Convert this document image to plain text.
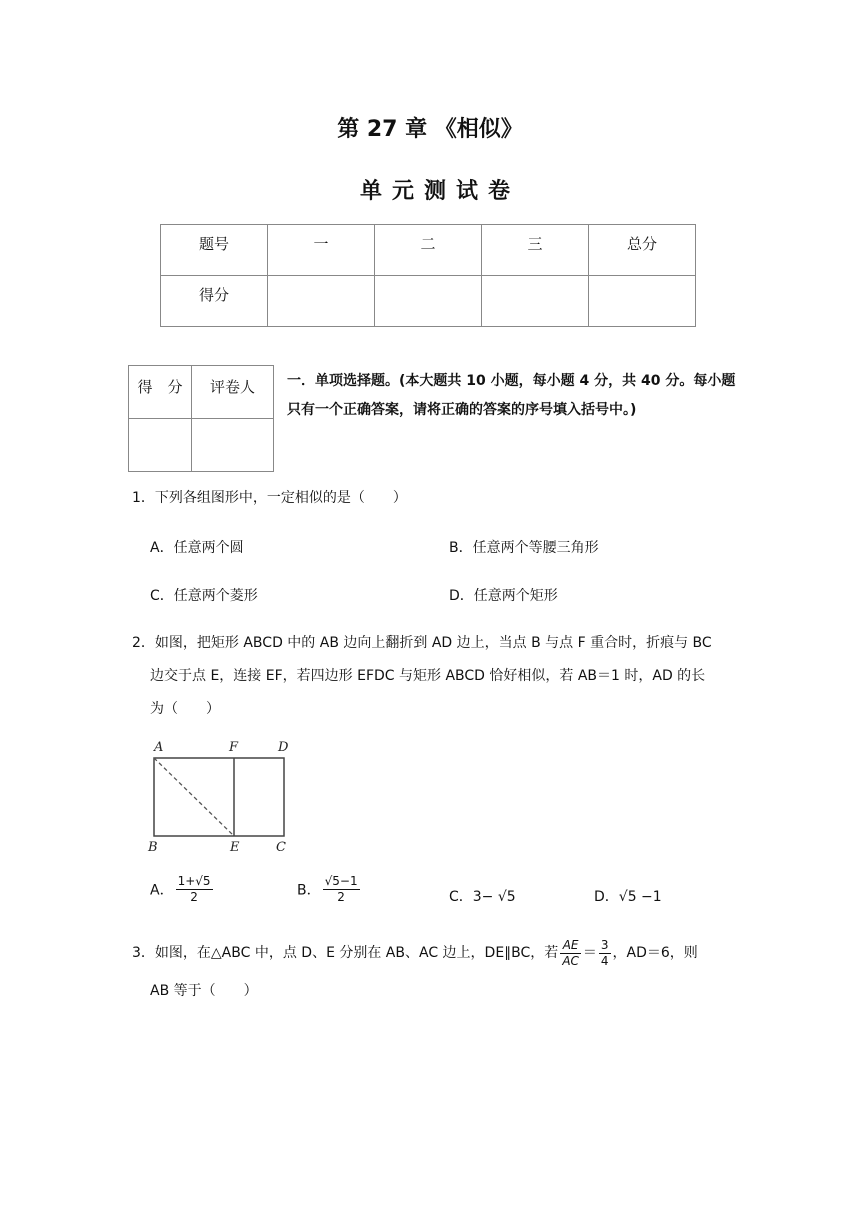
第 27 章 《相似》
单元测试卷
题号	一	二	三	总分
得分				
得　分	评卷人
	一．单项选择题。(本大题共 10 小题，每小题 4 分，共 40 分。每小题只有一个正确答案，请将正确的答案的序号填入括号中。)
1．下列各组图形中，一定相似的是（　　）
A．任意两个圆	B．任意两个等腰三角形
C．任意两个菱形	D．任意两个矩形
2．如图，把矩形 ABCD 中的 AB 边向上翻折到 AD 边上，当点 B 与点 F 重合时，折痕与 BC
边交于点 E，连接 EF，若四边形 EFDC 与矩形 ABCD 恰好相似，若 AB＝1 时，AD 的长
为（　　）
A	F	D
B	E	C
A． $\frac{1+√5}{2}$	B． $\frac{√5-1}{2}$	C．3− √5	D．√5 −1
3．如图，在△ABC 中，点 D、E 分别在 AB、AC 边上，DE∥BC，若 $\frac{AE}{AC} = \frac{3}{4}$ ，AD＝6，则
AB 等于（　　）
